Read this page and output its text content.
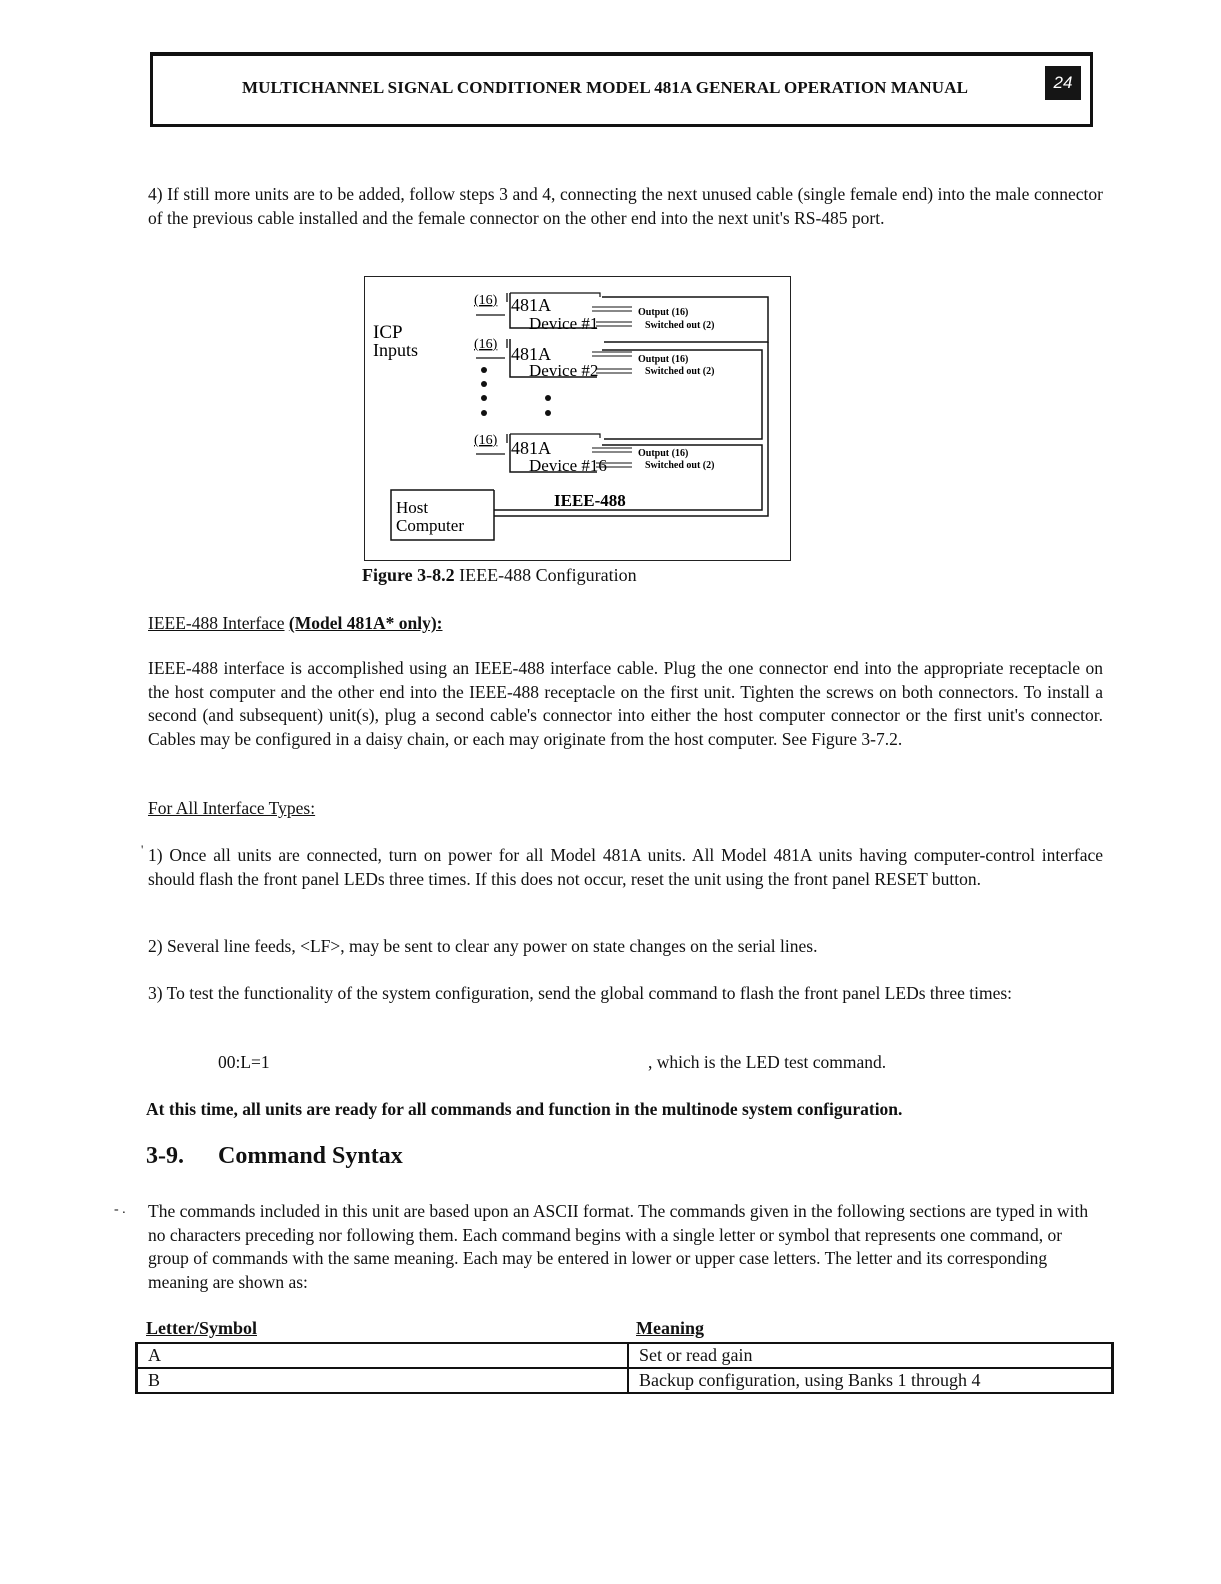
MULTICHANNEL SIGNAL CONDITIONER MODEL 481A GENERAL OPERATION MANUAL	24
4) If still more units are to be added, follow steps 3 and 4, connecting the next unused cable (single female end) into the male connector of the previous cable installed and the female connector on the other end into the next unit's RS-485 port.
ICP
Inputs
(16) 481A
Device #1
Output (16)
Switched out (2)
(16) 481A
Device #2
Output (16)
Switched out (2)
(16) 481A
Device #16
Output (16)
Switched out (2)
Host
Computer
IEEE-488
Figure 3-8.2 IEEE-488 Configuration
IEEE-488 Interface (Model 481A* only):
IEEE-488 interface is accomplished using an IEEE-488 interface cable. Plug the one connector end into the appropriate receptacle on the host computer and the other end into the IEEE-488 receptacle on the first unit. Tighten the screws on both connectors. To install a second (and subsequent) unit(s), plug a second cable's connector into either the host computer connector or the first unit's connector. Cables may be configured in a daisy chain, or each may originate from the host computer. See Figure 3-7.2.
For All Interface Types:
' 1) Once all units are connected, turn on power for all Model 481A units. All Model 481A units having computer-control interface should flash the front panel LEDs three times. If this does not occur, reset the unit using the front panel RESET button.
2) Several line feeds, <LF>, may be sent to clear any power on state changes on the serial lines.
3) To test the functionality of the system configuration, send the global command to flash the front panel LEDs three times:
00:L=1	, which is the LED test command.
At this time, all units are ready for all commands and function in the multinode system configuration.
3-9. Command Syntax
- . The commands included in this unit are based upon an ASCII format. The commands given in the following sections are typed in with no characters preceding nor following them. Each command begins with a single letter or symbol that represents one command, or group of commands with the same meaning. Each may be entered in lower or upper case letters. The letter and its corresponding meaning are shown as:
Letter/Symbol	Meaning
A	Set or read gain
B	Backup configuration, using Banks 1 through 4
